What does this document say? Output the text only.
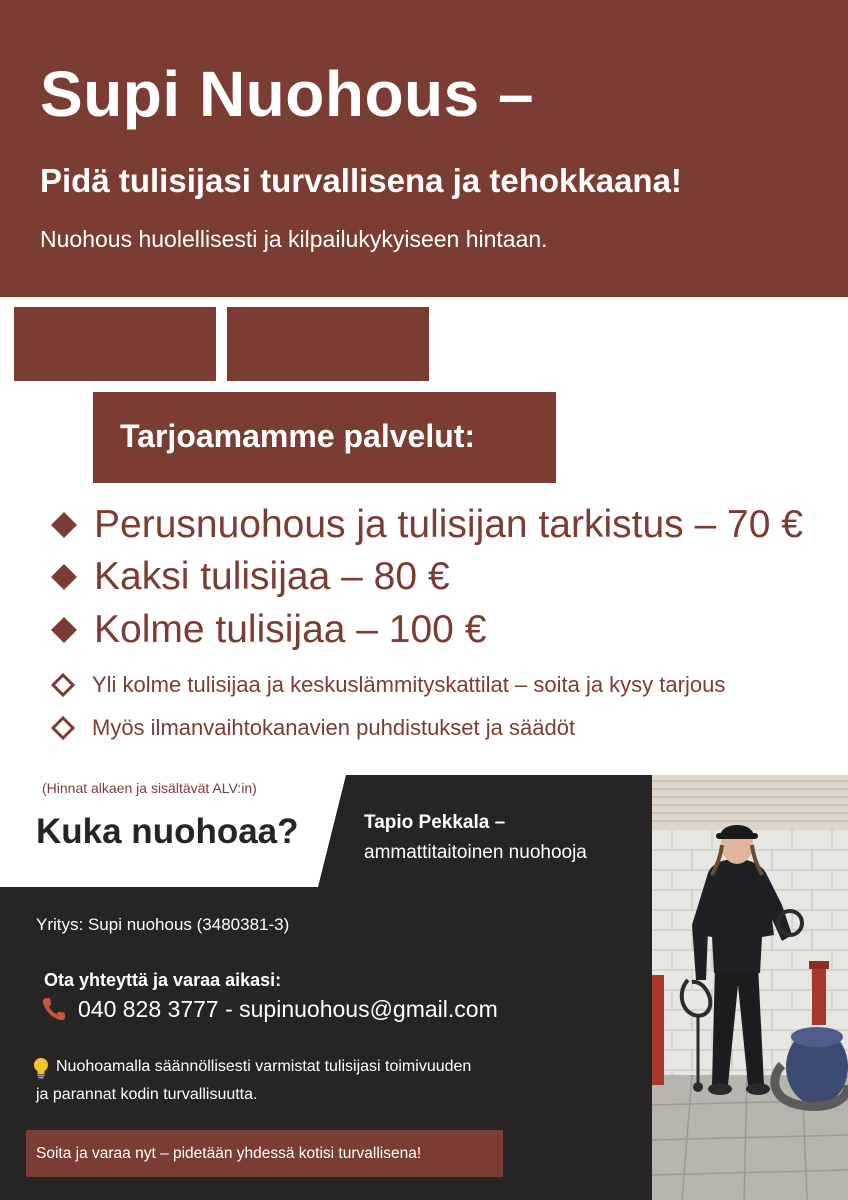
Supi Nuohous –
Pidä tulisijasi turvallisena ja tehokkaana!
Nuohous huolellisesti ja kilpailukykyiseen hintaan.
Tarjoamamme palvelut:
Perusnuohous ja tulisijan tarkistus – 70 €
Kaksi tulisijaa – 80 €
Kolme tulisijaa – 100 €
Yli kolme tulisijaa ja keskuslämmityskattilat – soita ja kysy tarjous
Myös ilmanvaihtokanavien puhdistukset ja säädöt
(Hinnat alkaen ja sisältävät ALV:in)
Kuka nuohoaa?	Tapio Pekkala –
ammattitaitoinen nuohooja
Yritys: Supi nuohous (3480381-3)
Ota yhteyttä ja varaa aikasi:
040 828 3777 - supinuohous@gmail.com
Nuohoamalla säännöllisesti varmistat tulisijasi toimivuuden
ja parannat kodin turvallisuutta.
Soita ja varaa nyt – pidetään yhdessä kotisi turvallisena!
